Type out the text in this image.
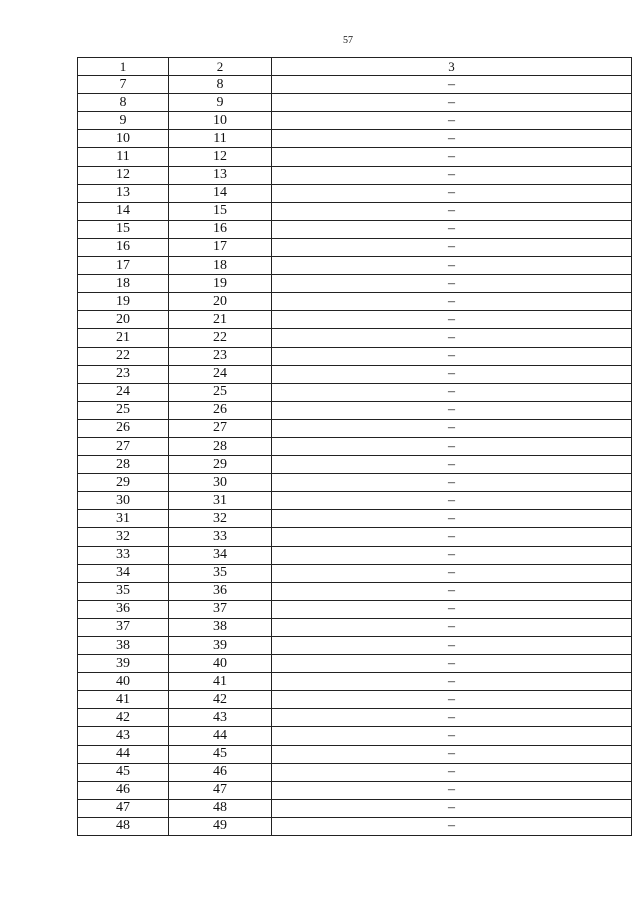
57
1	2	3
7	8	–
8	9	–
9	10	–
10	11	–
11	12	–
12	13	–
13	14	–
14	15	–
15	16	–
16	17	–
17	18	–
18	19	–
19	20	–
20	21	–
21	22	–
22	23	–
23	24	–
24	25	–
25	26	–
26	27	–
27	28	–
28	29	–
29	30	–
30	31	–
31	32	–
32	33	–
33	34	–
34	35	–
35	36	–
36	37	–
37	38	–
38	39	–
39	40	–
40	41	–
41	42	–
42	43	–
43	44	–
44	45	–
45	46	–
46	47	–
47	48	–
48	49	–
